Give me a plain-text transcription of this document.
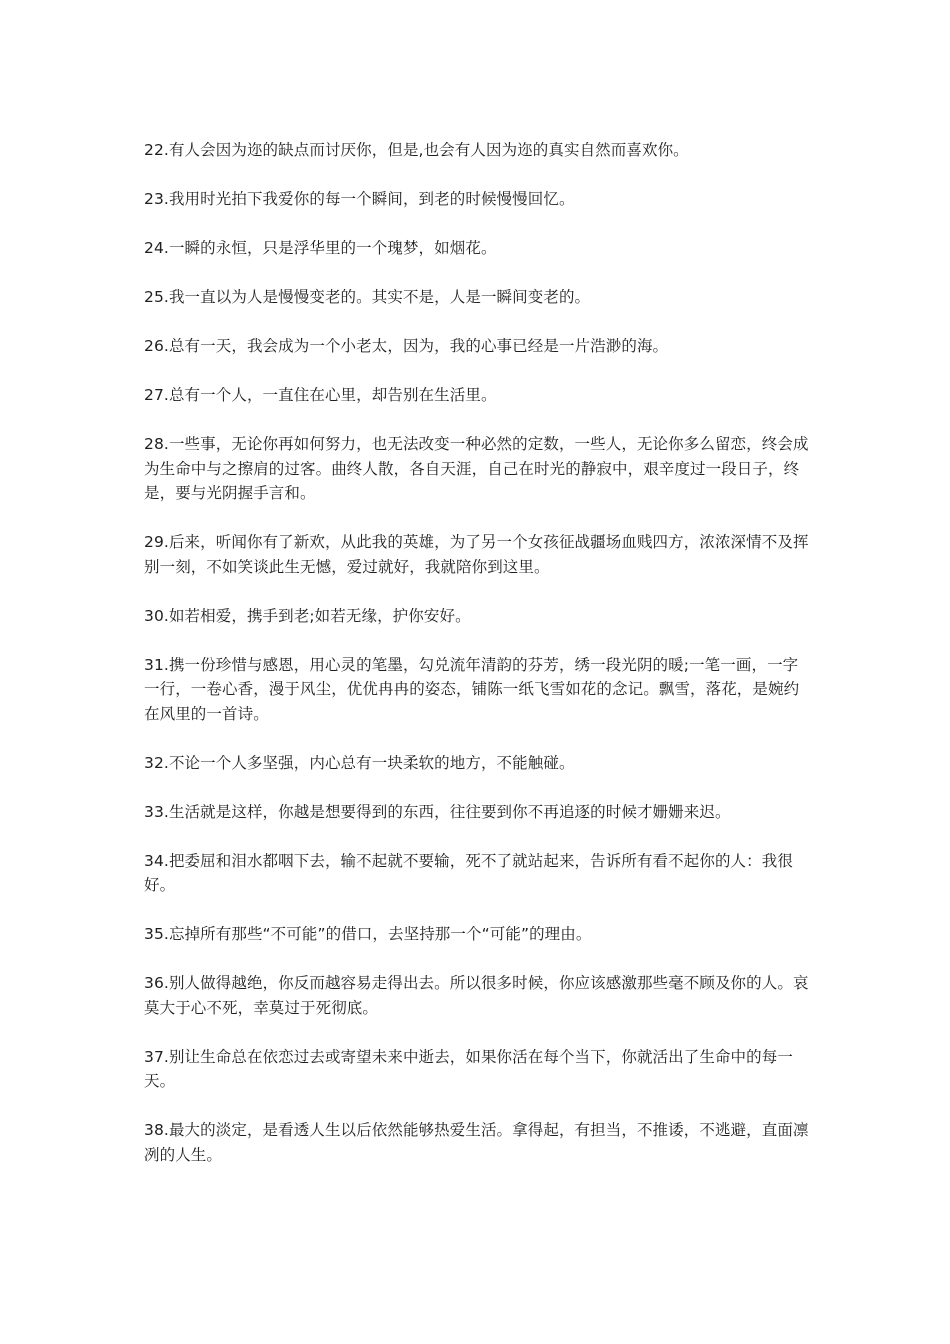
22.有人会因为迩的缺点而讨厌你，但是,也会有人因为迩的真实自然而喜欢你。

23.我用时光拍下我爱你的每一个瞬间，到老的时候慢慢回忆。

24.一瞬的永恒，只是浮华里的一个瑰梦，如烟花。

25.我一直以为人是慢慢变老的。其实不是，人是一瞬间变老的。

26.总有一天，我会成为一个小老太，因为，我的心事已经是一片浩渺的海。

27.总有一个人，一直住在心里，却告别在生活里。

28.一些事，无论你再如何努力，也无法改变一种必然的定数，一些人，无论你多么留恋，终会成为生命中与之擦肩的过客。曲终人散，各自天涯，自己在时光的静寂中，艰辛度过一段日子，终是，要与光阴握手言和。

29.后来，听闻你有了新欢，从此我的英雄，为了另一个女孩征战疆场血贱四方，浓浓深情不及挥别一刻，不如笑谈此生无憾，爱过就好，我就陪你到这里。

30.如若相爱，携手到老;如若无缘，护你安好。

31.携一份珍惜与感恩，用心灵的笔墨，勾兑流年清韵的芬芳，绣一段光阴的暖;一笔一画，一字一行，一卷心香，漫于风尘，优优冉冉的姿态，铺陈一纸飞雪如花的念记。飘雪，落花，是婉约在风里的一首诗。

32.不论一个人多坚强，内心总有一块柔软的地方，不能触碰。

33.生活就是这样，你越是想要得到的东西，往往要到你不再追逐的时候才姗姗来迟。

34.把委屈和泪水都咽下去，输不起就不要输，死不了就站起来，告诉所有看不起你的人：我很好。

35.忘掉所有那些“不可能”的借口，去坚持那一个“可能”的理由。

36.别人做得越绝，你反而越容易走得出去。所以很多时候，你应该感激那些毫不顾及你的人。哀莫大于心不死，幸莫过于死彻底。

37.别让生命总在依恋过去或寄望未来中逝去，如果你活在每个当下，你就活出了生命中的每一天。

38.最大的淡定，是看透人生以后依然能够热爱生活。拿得起，有担当，不推诿，不逃避，直面凛冽的人生。
